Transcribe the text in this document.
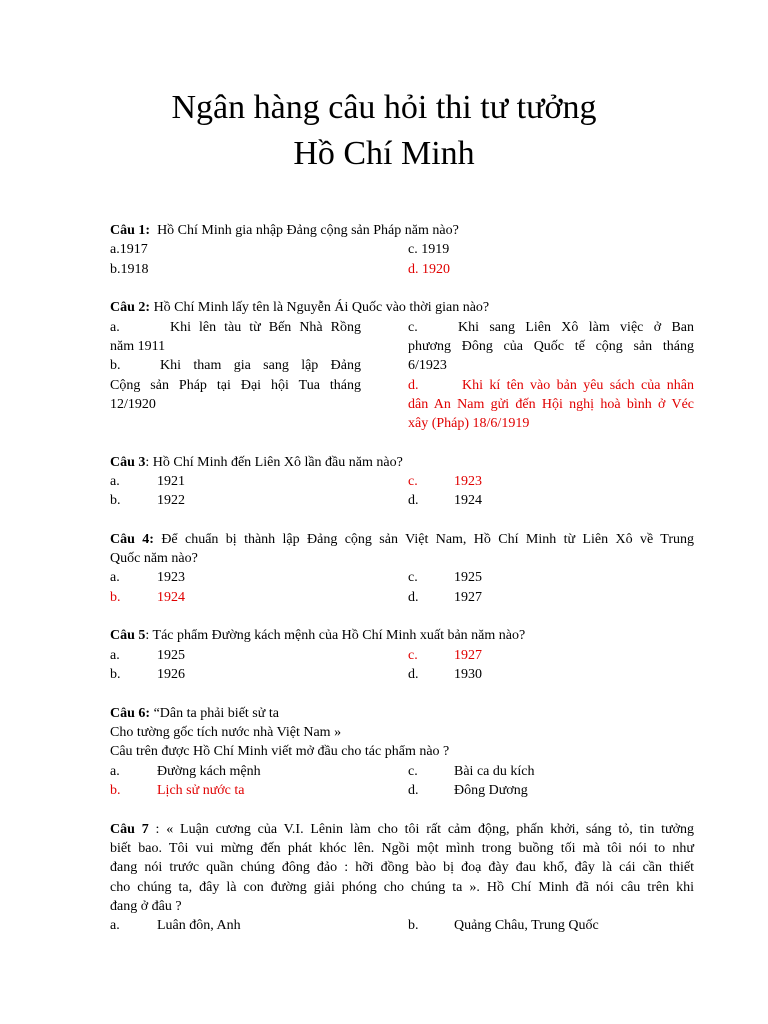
Ngân hàng câu hỏi thi tư tưởng
Hồ Chí Minh
Câu 1: Hồ Chí Minh gia nhập Đảng cộng sản Pháp năm nào?
a.1917	c. 1919
b.1918	d. 1920
Câu 2: Hồ Chí Minh lấy tên là Nguyễn Ái Quốc vào thời gian nào?
a.	Khi lên tàu từ Bến Nhà Rồng
năm 1911
b.	Khi tham gia sang lập Đảng
Cộng sản Pháp tại Đại hội Tua tháng
12/1920
c.	Khi sang Liên Xô làm việc ở Ban
phương Đông của Quốc tế cộng sản tháng
6/1923
d.	Khi kí tên vào bản yêu sách của nhân
dân An Nam gửi đến Hội nghị hoà bình ở Véc
xây (Pháp) 18/6/1919
Câu 3: Hồ Chí Minh đến Liên Xô lần đầu năm nào?
a.	1921	c.	1923
b.	1922	d.	1924
Câu 4: Để chuẩn bị thành lập Đảng cộng sản Việt Nam, Hồ Chí Minh từ Liên Xô về Trung
Quốc năm nào?
a.	1923	c.	1925
b.	1924	d.	1927
Câu 5: Tác phẩm Đường kách mệnh của Hồ Chí Minh xuất bản năm nào?
a.	1925	c.	1927
b.	1926	d.	1930
Câu 6: “Dân ta phải biết sử ta
Cho tường gốc tích nước nhà Việt Nam »
Câu trên được Hồ Chí Minh viết mở đầu cho tác phẩm nào ?
a.	Đường kách mệnh	c.	Bài ca du kích
b.	Lịch sử nước ta	d.	Đông Dương
Câu 7 : « Luận cương của V.I. Lênin làm cho tôi rất cảm động, phấn khởi, sáng tỏ, tin tưởng
biết bao. Tôi vui mừng đến phát khóc lên. Ngồi một mình trong buồng tối mà tôi nói to như
đang nói trước quần chúng đông đảo : hỡi đồng bào bị đoạ đày đau khổ, đây là cái cần thiết
cho chúng ta, đây là con đường giải phóng cho chúng ta ». Hồ Chí Minh đã nói câu trên khi
đang ở đâu ?
a.	Luân đôn, Anh	b.	Quảng Châu, Trung Quốc
